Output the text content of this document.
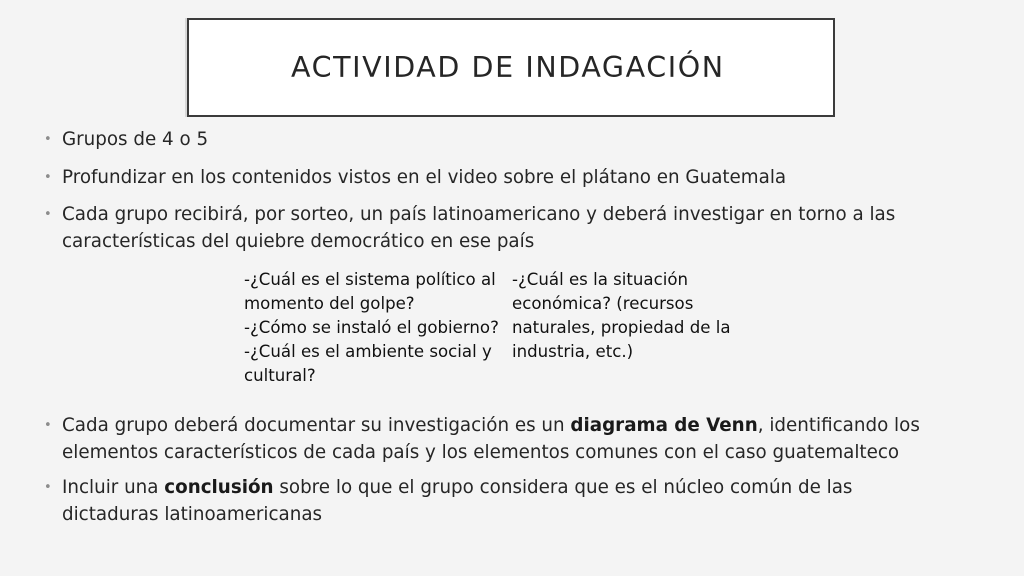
ACTIVIDAD DE INDAGACIÓN
• Grupos de 4 o 5
• Profundizar en los contenidos vistos en el video sobre el plátano en Guatemala
• Cada grupo recibirá, por sorteo, un país latinoamericano y deberá investigar en torno a las
características del quiebre democrático en ese país
-¿Cuál es el sistema político al
momento del golpe?
-¿Cómo se instaló el gobierno?
-¿Cuál es el ambiente social y
cultural?
-¿Cuál es la situación
económica? (recursos
naturales, propiedad de la
industria, etc.)
• Cada grupo deberá documentar su investigación es un diagrama de Venn, identificando los
elementos característicos de cada país y los elementos comunes con el caso guatemalteco
• Incluir una conclusión sobre lo que el grupo considera que es el núcleo común de las
dictaduras latinoamericanas
